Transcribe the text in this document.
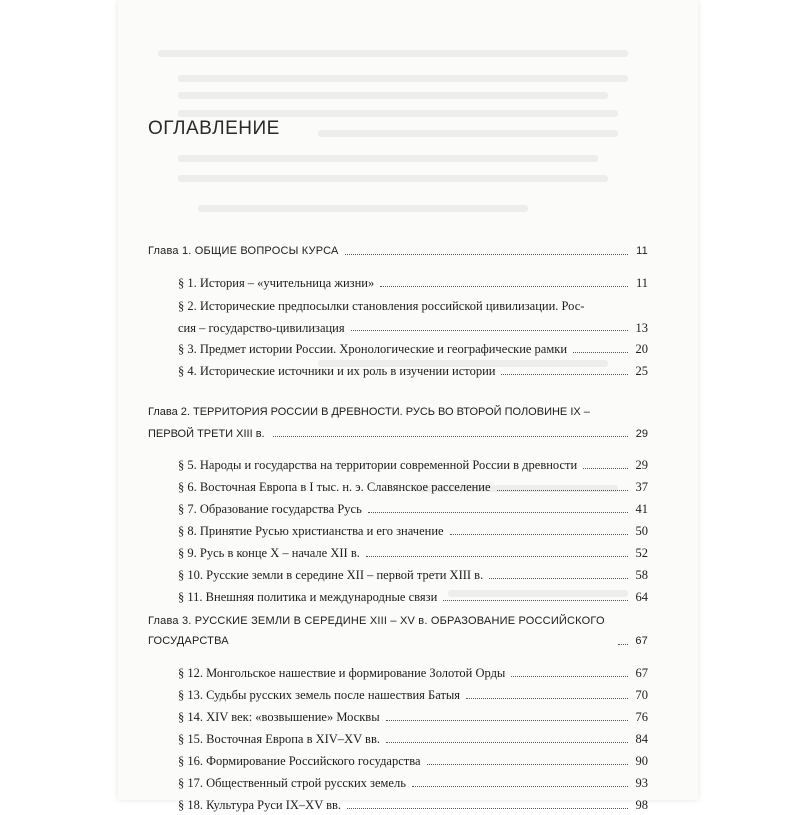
ОГЛАВЛЕНИЕ
Глава 1. ОБЩИЕ ВОПРОСЫ КУРСА	11
§ 1. История – «учительница жизни»	11
§ 2. Исторические предпосылки становления российской цивилизации. Рос-
сия – государство-цивилизация	13
§ 3. Предмет истории России. Хронологические и географические рамки	20
§ 4. Исторические источники и их роль в изучении истории	25
Глава 2. ТЕРРИТОРИЯ РОССИИ В ДРЕВНОСТИ. РУСЬ ВО ВТОРОЙ ПОЛОВИНЕ IX –
ПЕРВОЙ ТРЕТИ XIII в.	29
§ 5. Народы и государства на территории современной России в древности	29
§ 6. Восточная Европа в I тыс. н. э. Славянское расселение	37
§ 7. Образование государства Русь	41
§ 8. Принятие Русью христианства и его значение	50
§ 9. Русь в конце X – начале XII в.	52
§ 10. Русские земли в середине XII – первой трети XIII в.	58
§ 11. Внешняя политика и международные связи	64
Глава 3. РУССКИЕ ЗЕМЛИ В СЕРЕДИНЕ XIII – XV в. ОБРАЗОВАНИЕ РОССИЙСКОГО ГОСУДАРСТВА	67
§ 12. Монгольское нашествие и формирование Золотой Орды	67
§ 13. Судьбы русских земель после нашествия Батыя	70
§ 14. XIV век: «возвышение» Москвы	76
§ 15. Восточная Европа в XIV–XV вв.	84
§ 16. Формирование Российского государства	90
§ 17. Общественный строй русских земель	93
§ 18. Культура Руси IX–XV вв.	98
